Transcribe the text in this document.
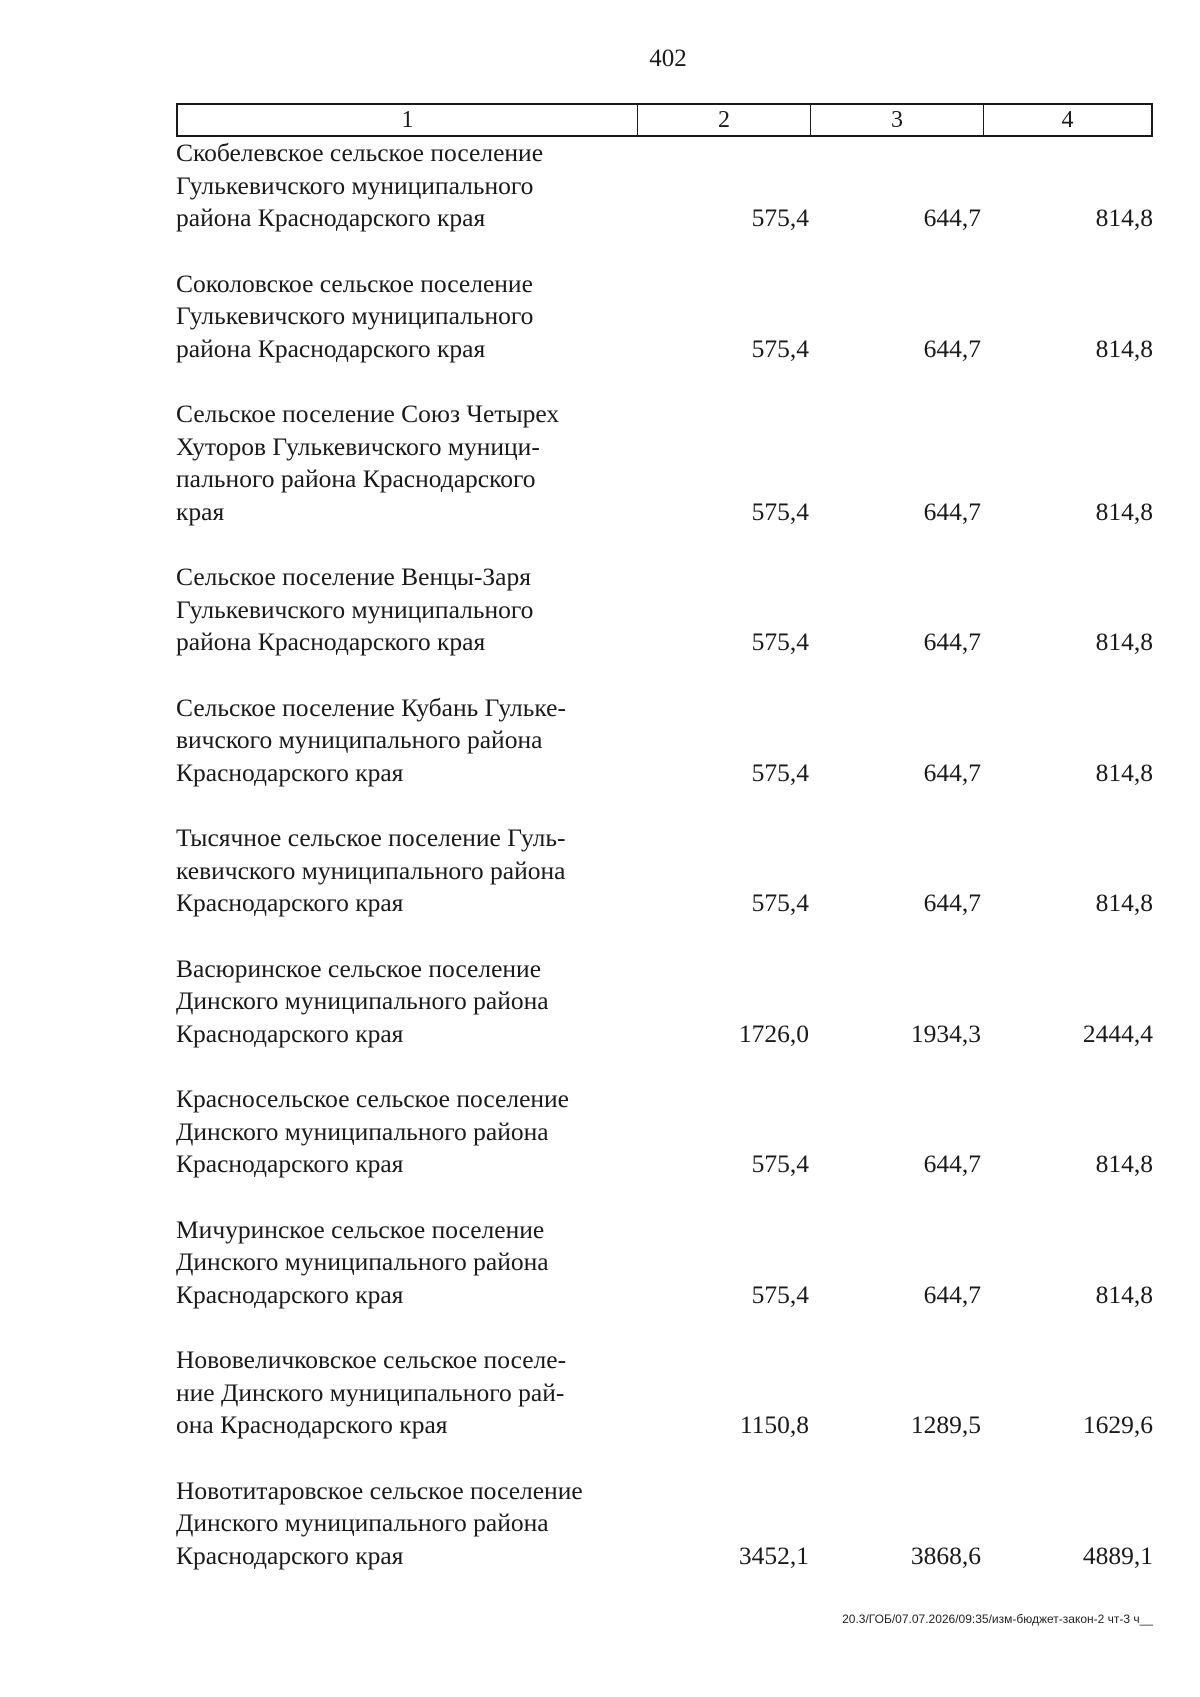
402
1	2	3	4
Скобелевское сельское поселение
Гулькевичского муниципального
района Краснодарского края	575,4	644,7	814,8
Соколовское сельское поселение
Гулькевичского муниципального
района Краснодарского края	575,4	644,7	814,8
Сельское поселение Союз Четырех
Хуторов Гулькевичского муници-
пального района Краснодарского
края	575,4	644,7	814,8
Сельское поселение Венцы-Заря
Гулькевичского муниципального
района Краснодарского края	575,4	644,7	814,8
Сельское поселение Кубань Гульке-
вичского муниципального района
Краснодарского края	575,4	644,7	814,8
Тысячное сельское поселение Гуль-
кевичского муниципального района
Краснодарского края	575,4	644,7	814,8
Васюринское сельское поселение
Динского муниципального района
Краснодарского края	1726,0	1934,3	2444,4
Красносельское сельское поселение
Динского муниципального района
Краснодарского края	575,4	644,7	814,8
Мичуринское сельское поселение
Динского муниципального района
Краснодарского края	575,4	644,7	814,8
Нововеличковское сельское поселе-
ние Динского муниципального рай-
она Краснодарского края	1150,8	1289,5	1629,6
Новотитаровское сельское поселение
Динского муниципального района
Краснодарского края	3452,1	3868,6	4889,1
20.3/ГОБ/07.07.2026/09:35/изм-бюджет-закон-2 чт-3 ч__
